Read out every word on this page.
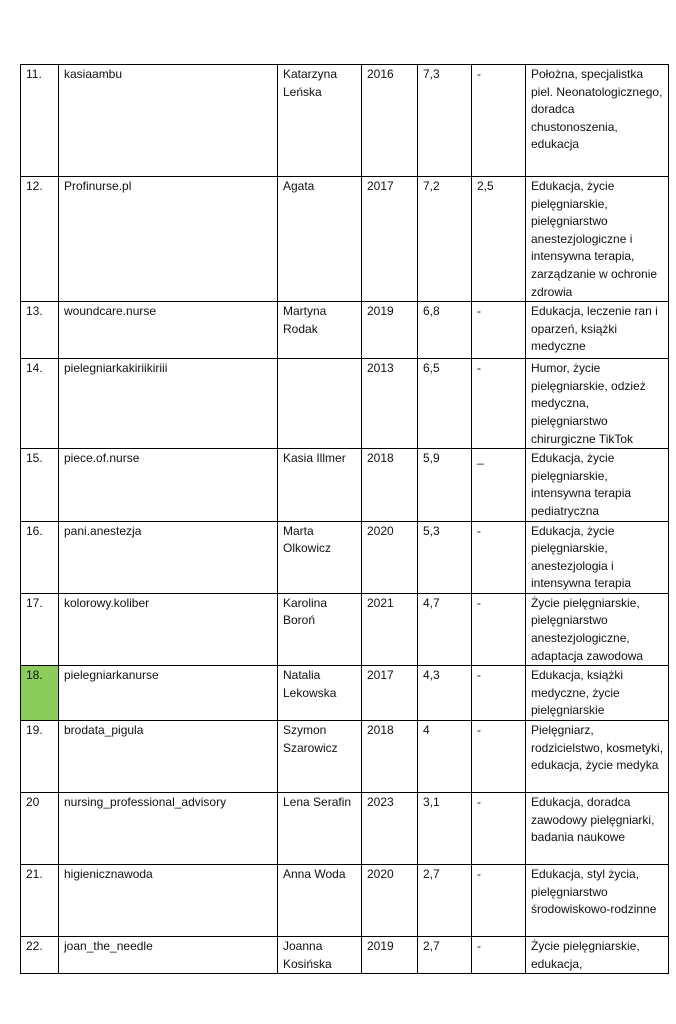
11.	kasiaambu	Katarzyna Leńska	2016	7,3	-	Położna, specjalistka piel. Neonatologicznego, doradca chustonoszenia, edukacja
12.	Profinurse.pl	Agata	2017	7,2	2,5	Edukacja, życie pielęgniarskie, pielęgniarstwo anestezjologiczne i intensywna terapia, zarządzanie w ochronie zdrowia
13.	woundcare.nurse	Martyna Rodak	2019	6,8	-	Edukacja, leczenie ran i oparzeń, książki medyczne
14.	pielegniarkakiriikiriii		2013	6,5	-	Humor, życie pielęgniarskie, odzież medyczna, pielęgniarstwo chirurgiczne TikTok
15.	piece.of.nurse	Kasia Illmer	2018	5,9	_	Edukacja, życie pielęgniarskie, intensywna terapia pediatryczna
16.	pani.anestezja	Marta Olkowicz	2020	5,3	-	Edukacja, życie pielęgniarskie, anestezjologia i intensywna terapia
17.	kolorowy.koliber	Karolina Boroń	2021	4,7	-	Życie pielęgniarskie, pielęgniarstwo anestezjologiczne, adaptacja zawodowa
18.	pielegniarkanurse	Natalia Lekowska	2017	4,3	-	Edukacja, książki medyczne, życie pielęgniarskie
19.	brodata_pigula	Szymon Szarowicz	2018	4	-	Pielęgniarz, rodzicielstwo, kosmetyki, edukacja, życie medyka
20	nursing_professional_advisory	Lena Serafin	2023	3,1	-	Edukacja, doradca zawodowy pielęgniarki, badania naukowe
21.	higienicznawoda	Anna Woda	2020	2,7	-	Edukacja, styl życia, pielęgniarstwo środowiskowo-rodzinne
22.	joan_the_needle	Joanna Kosińska	2019	2,7	-	Życie pielęgniarskie, edukacja,
